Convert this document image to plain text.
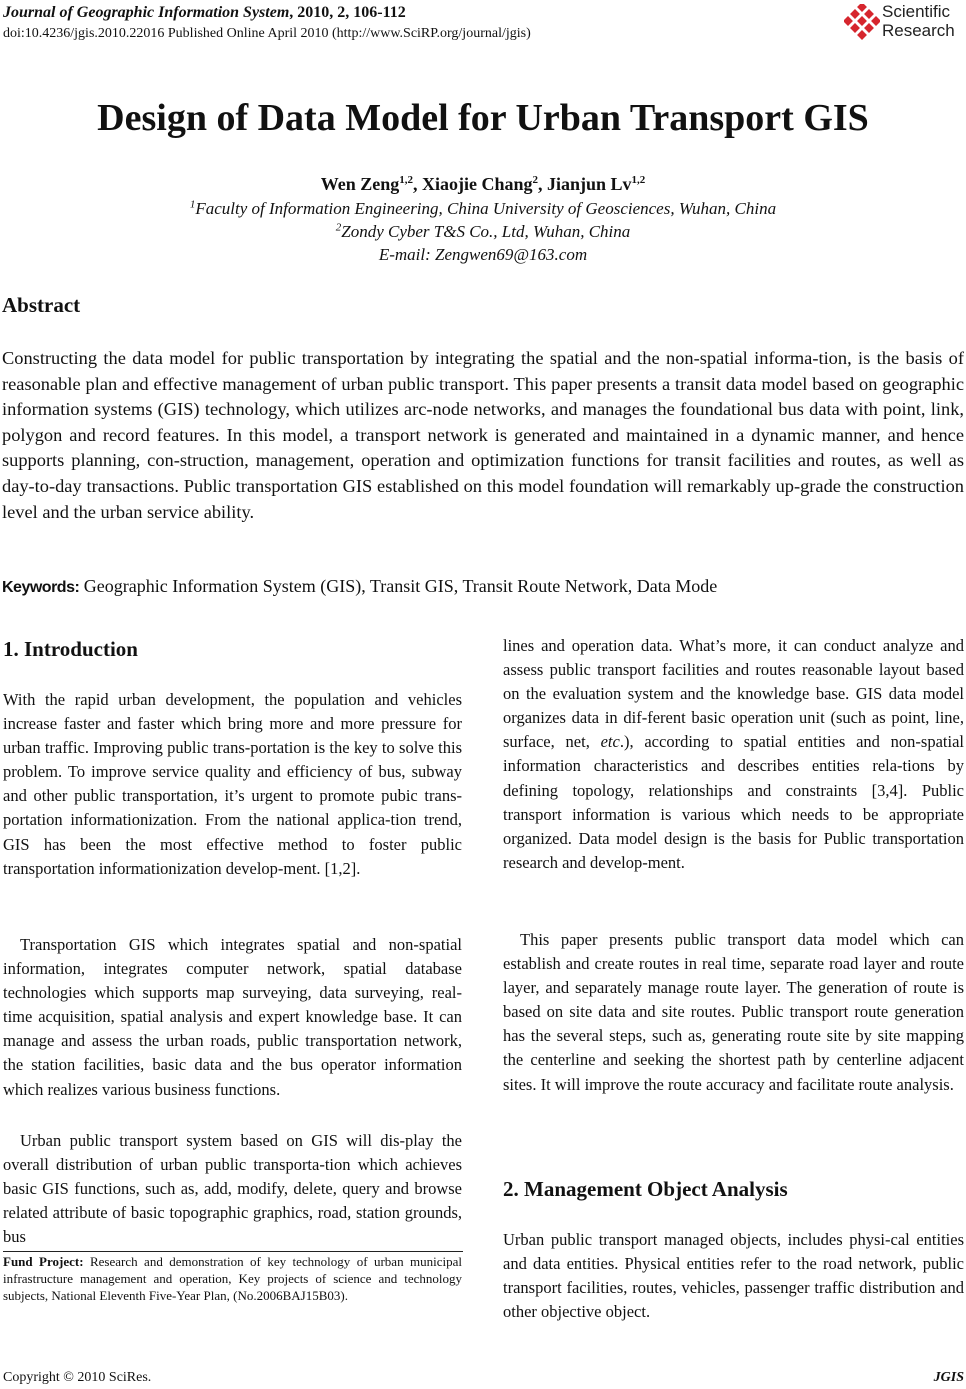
Journal of Geographic Information System, 2010, 2, 106-112
doi:10.4236/jgis.2010.22016 Published Online April 2010 (http://www.SciRP.org/journal/jgis)
Scientific
Research
Design of Data Model for Urban Transport GIS
Wen Zeng$^{1,2}$, Xiaojie Chang$^2$, Jianjun Lv$^{1,2}$
$^1$Faculty of Information Engineering, China University of Geosciences, Wuhan, China
$^2$Zondy Cyber T&S Co., Ltd, Wuhan, China
E-mail: Zengwen69@163.com
Abstract

Constructing the data model for public transportation by integrating the spatial and the non-spatial informa-tion, is the basis of reasonable plan and effective management of urban public transport. This paper presents a transit data model based on geographic information systems (GIS) technology, which utilizes arc-node networks, and manages the foundational bus data with point, link, polygon and record features. In this model, a transport network is generated and maintained in a dynamic manner, and hence supports planning, con-struction, management, operation and optimization functions for transit facilities and routes, as well as day-to-day transactions. Public transportation GIS established on this model foundation will remarkably up-grade the construction level and the urban service ability.

Keywords: Geographic Information System (GIS), Transit GIS, Transit Route Network, Data Mode
1. Introduction
2. Management Object Analysis

With the rapid urban development, the population and vehicles increase faster and faster which bring more and more pressure for urban traffic. Improving public trans-portation is the key to solve this problem. To improve service quality and efficiency of bus, subway and other public transportation, it’s urgent to promote pubic trans-portation informationization. From the national applica-tion trend, GIS has been the most effective method to foster public transportation informationization develop-ment. [1,2].

Transportation GIS which integrates spatial and non-spatial information, integrates computer network, spatial database technologies which supports map surveying, data surveying, real-time acquisition, spatial analysis and expert knowledge base. It can manage and assess the urban roads, public transportation network, the station facilities, basic data and the bus operator information which realizes various business functions.

Urban public transport system based on GIS will dis-play the overall distribution of urban public transporta-tion which achieves basic GIS functions, such as, add, modify, delete, query and browse related attribute of basic topographic graphics, road, station grounds, bus

lines and operation data. What’s more, it can conduct analyze and assess public transport facilities and routes reasonable layout based on the evaluation system and the knowledge base. GIS data model organizes data in dif-ferent basic operation unit (such as point, line, surface, net, etc.), according to spatial entities and non-spatial information characteristics and describes entities rela-tions by defining topology, relationships and constraints [3,4]. Public transport information is various which needs to be appropriate organized. Data model design is the basis for Public transportation research and develop-ment.

This paper presents public transport data model which can establish and create routes in real time, separate road layer and route layer, and separately manage route layer. The generation of route is based on site data and site routes. Public transport route generation has the several steps, such as, generating route site by site mapping the centerline and seeking the shortest path by centerline adjacent sites. It will improve the route accuracy and facilitate route analysis.

Urban public transport managed objects, includes physi-cal entities and data entities. Physical entities refer to the road network, public transport facilities, routes, vehicles, passenger traffic distribution and other objective object.

Fund Project: Research and demonstration of key technology of urban municipal infrastructure management and operation, Key projects of science and technology subjects, National Eleventh Five-Year Plan, (No.2006BAJ15B03).
Copyright © 2010 SciRes.	JGIS
